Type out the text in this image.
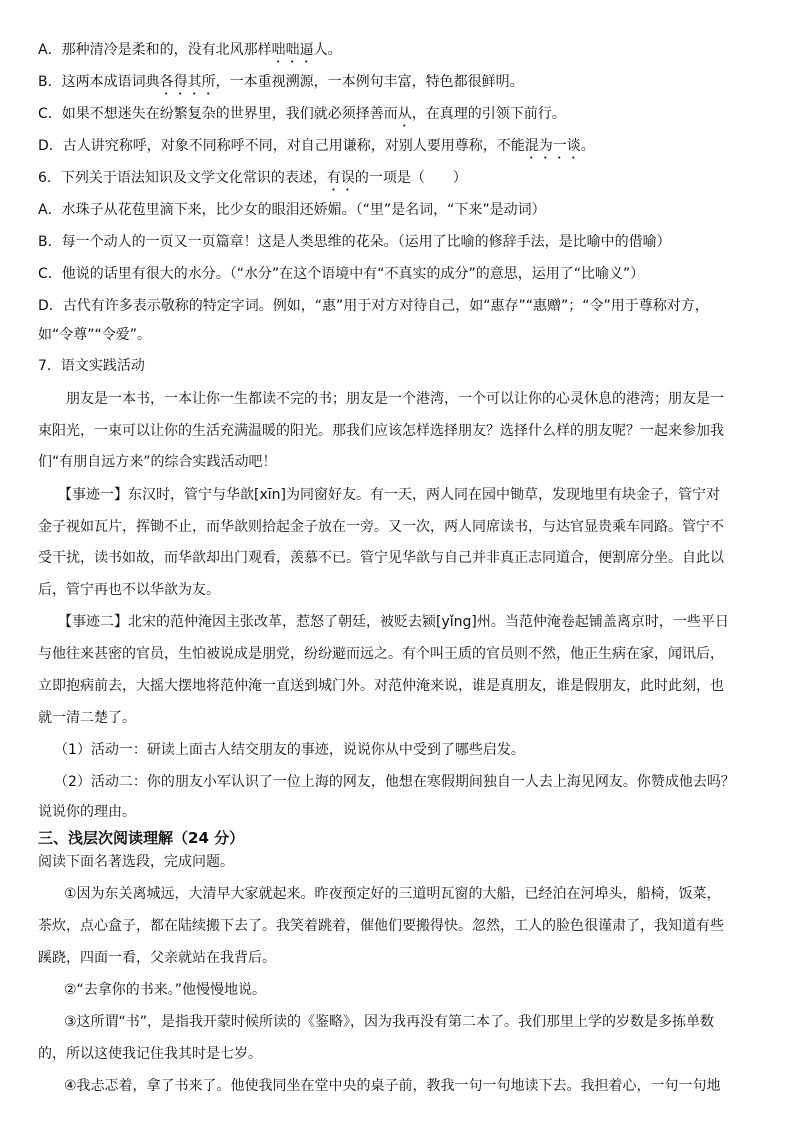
A．那种清冷是柔和的，没有北风那样咄咄逼人。
B．这两本成语词典各得其所，一本重视溯源，一本例句丰富，特色都很鲜明。
C．如果不想迷失在纷繁复杂的世界里，我们就必须择善而从，在真理的引领下前行。
D．古人讲究称呼，对象不同称呼不同，对自己用谦称，对别人要用尊称，不能混为一谈。
6．下列关于语法知识及文学文化常识的表述，有误的一项是（　　）
A．水珠子从花苞里滴下来，比少女的眼泪还娇媚。（“里”是名词，“下来”是动词）
B．每一个动人的一页又一页篇章！这是人类思维的花朵。（运用了比喻的修辞手法，是比喻中的借喻）
C．他说的话里有很大的水分。（“水分”在这个语境中有“不真实的成分”的意思，运用了“比喻义”）
D．古代有许多表示敬称的特定字词。例如，“惠”用于对方对待自己，如“惠存”“惠赠”；“令”用于尊称对方，
如“令尊”“令爱”。
7．语文实践活动
朋友是一本书，一本让你一生都读不完的书；朋友是一个港湾，一个可以让你的心灵休息的港湾；朋友是一
束阳光，一束可以让你的生活充满温暖的阳光。那我们应该怎样选择朋友？选择什么样的朋友呢？一起来参加我
们“有朋自远方来”的综合实践活动吧！
【事迹一】东汉时，管宁与华歆[xīn]为同窗好友。有一天，两人同在园中锄草，发现地里有块金子，管宁对
金子视如瓦片，挥锄不止，而华歆则拾起金子放在一旁。又一次，两人同席读书，与达官显贵乘车同路。管宁不
受干扰，读书如故，而华歆却出门观看，羡慕不已。管宁见华歆与自己并非真正志同道合，便割席分坐。自此以
后，管宁再也不以华歆为友。
【事迹二】北宋的范仲淹因主张改革，惹怒了朝廷，被贬去颍[yǐng]州。当范仲淹卷起铺盖离京时，一些平日
与他往来甚密的官员，生怕被说成是朋党，纷纷避而远之。有个叫王质的官员则不然，他正生病在家，闻讯后，
立即抱病前去，大摇大摆地将范仲淹一直送到城门外。对范仲淹来说，谁是真朋友，谁是假朋友，此时此刻，也
就一清二楚了。
（1）活动一：研读上面古人结交朋友的事迹，说说你从中受到了哪些启发。
（2）活动二：你的朋友小军认识了一位上海的网友，他想在寒假期间独自一人去上海见网友。你赞成他去吗？
说说你的理由。
三、浅层次阅读理解（24 分）
阅读下面名著选段，完成问题。
①因为东关离城远，大清早大家就起来。昨夜预定好的三道明瓦窗的大船，已经泊在河埠头，船椅，饭菜，
茶炊，点心盒子，都在陆续搬下去了。我笑着跳着，催他们要搬得快。忽然，工人的脸色很谨肃了，我知道有些
蹊跷，四面一看，父亲就站在我背后。
②“去拿你的书来。”他慢慢地说。
③这所谓“书”，是指我开蒙时候所读的《鉴略》，因为我再没有第二本了。我们那里上学的岁数是多拣单数
的，所以这使我记住我其时是七岁。
④我忐忑着，拿了书来了。他使我同坐在堂中央的桌子前，教我一句一句地读下去。我担着心，一句一句地
